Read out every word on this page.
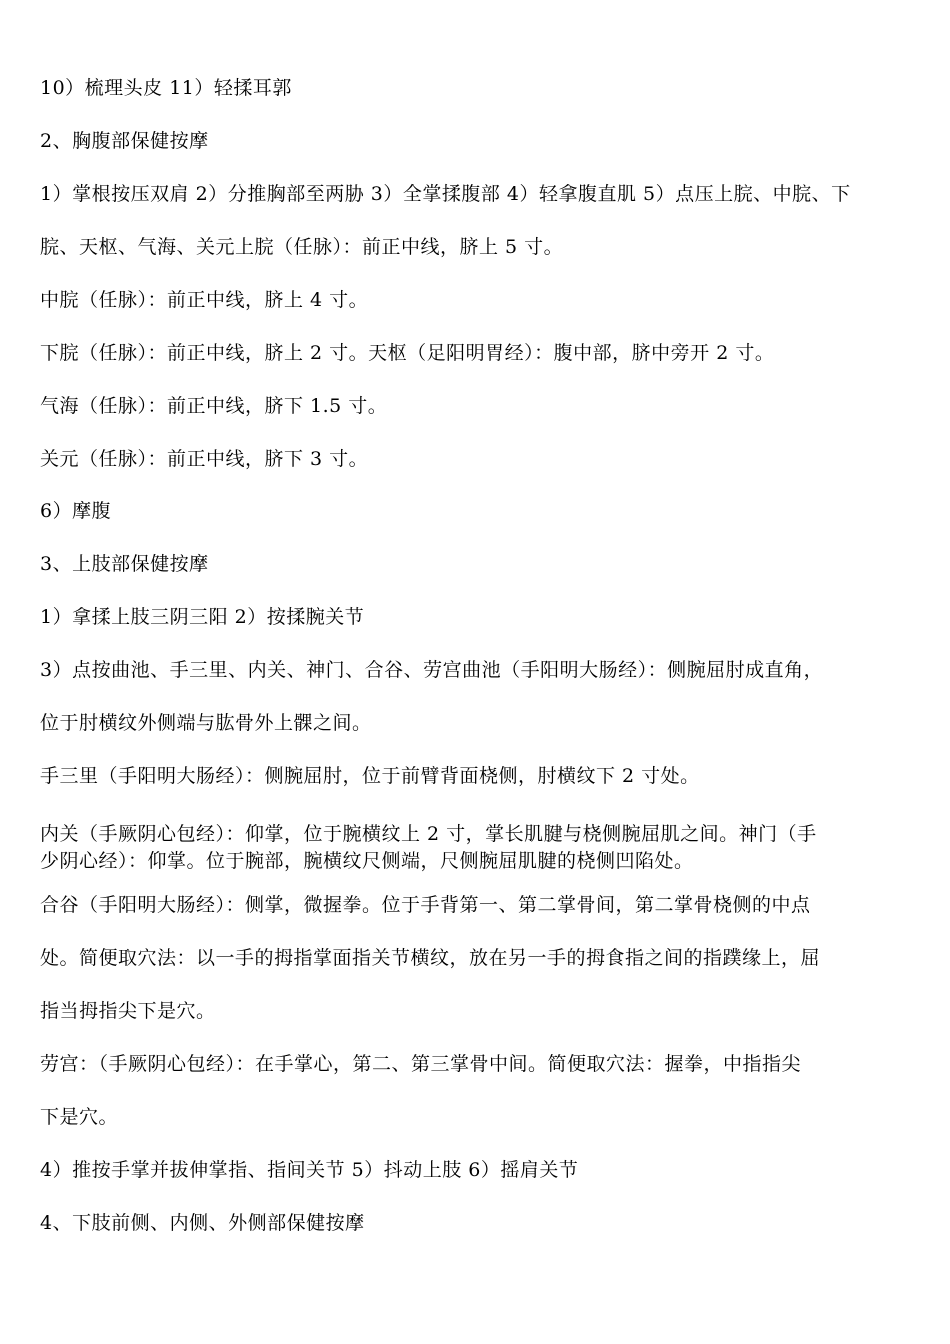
10）梳理头皮 11）轻揉耳郭
2、胸腹部保健按摩
1）掌根按压双肩 2）分推胸部至两胁 3）全掌揉腹部 4）轻拿腹直肌 5）点压上脘、中脘、下
脘、天枢、气海、关元上脘（任脉）：前正中线，脐上 5 寸。
中脘（任脉）：前正中线，脐上 4 寸。
下脘（任脉）：前正中线，脐上 2 寸。天枢（足阳明胃经）：腹中部，脐中旁开 2 寸。
气海（任脉）：前正中线，脐下 1.5 寸。
关元（任脉）：前正中线，脐下 3 寸。
6）摩腹
3、上肢部保健按摩
1）拿揉上肢三阴三阳 2）按揉腕关节
3）点按曲池、手三里、内关、神门、合谷、劳宫曲池（手阳明大肠经）：侧腕屈肘成直角，
位于肘横纹外侧端与肱骨外上髁之间。
手三里（手阳明大肠经）：侧腕屈肘，位于前臂背面桡侧，肘横纹下 2 寸处。
内关（手厥阴心包经）：仰掌，位于腕横纹上 2 寸，掌长肌腱与桡侧腕屈肌之间。神门（手
少阴心经）：仰掌。位于腕部，腕横纹尺侧端，尺侧腕屈肌腱的桡侧凹陷处。
合谷（手阳明大肠经）：侧掌，微握拳。位于手背第一、第二掌骨间，第二掌骨桡侧的中点
处。简便取穴法：以一手的拇指掌面指关节横纹，放在另一手的拇食指之间的指蹼缘上，屈
指当拇指尖下是穴。
劳宫：（手厥阴心包经）：在手掌心，第二、第三掌骨中间。简便取穴法：握拳，中指指尖
下是穴。
4）推按手掌并拔伸掌指、指间关节 5）抖动上肢 6）摇肩关节
4、下肢前侧、内侧、外侧部保健按摩
